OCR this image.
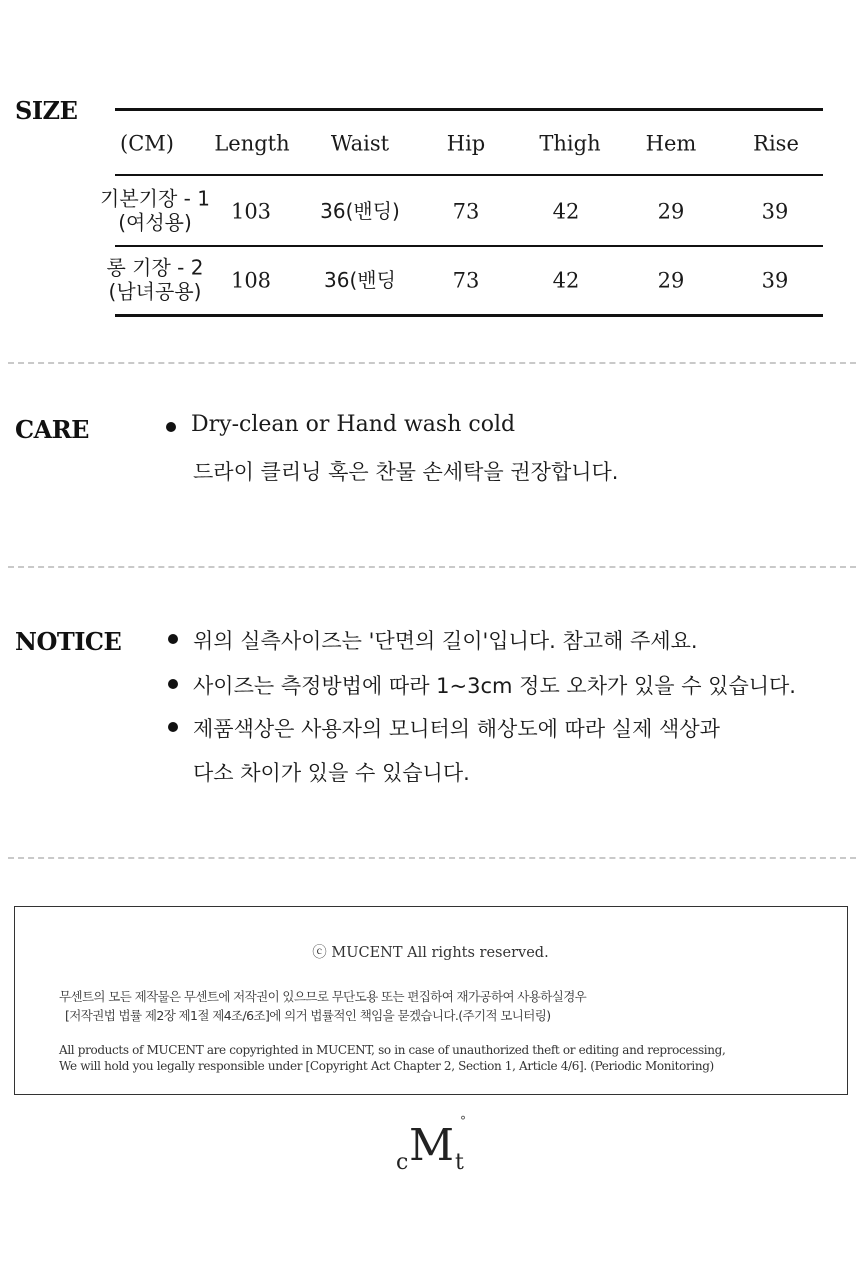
SIZE
(CM) Length Waist	Hip	Thigh Hem	Rise
기본기장 - 1
(여성용)	103 36(밴딩)	73	42	29	39
롱 기장 - 2
(남녀공용) 108	36(밴딩	73	42	29	39
CARE	Dry-clean or Hand wash cold
드라이 클리닝 혹은 찬물 손세탁을 권장합니다.
NOTICE	위의 실측사이즈는 '단면의 길이'입니다. 참고해 주세요.
사이즈는 측정방법에 따라 1~3cm 정도 오차가 있을 수 있습니다.
제품색상은 사용자의 모니터의 해상도에 따라 실제 색상과
다소 차이가 있을 수 있습니다.
ⓒ MUCENT All rights reserved.
무센트의 모든 제작물은 무센트에 저작권이 있으므로 무단도용 또는 편집하여 재가공하여 사용하실경우
[저작권법 법률 제2장 제1절 제4조/6조]에 의거 법률적인 책임을 묻겠습니다.(주기적 모니터링)
All products of MUCENT are copyrighted in MUCENT, so in case of unauthorized theft or editing and reprocessing,
We will hold you legally responsible under [Copyright Act Chapter 2, Section 1, Article 4/6]. (Periodic Monitoring)
c M t
°
